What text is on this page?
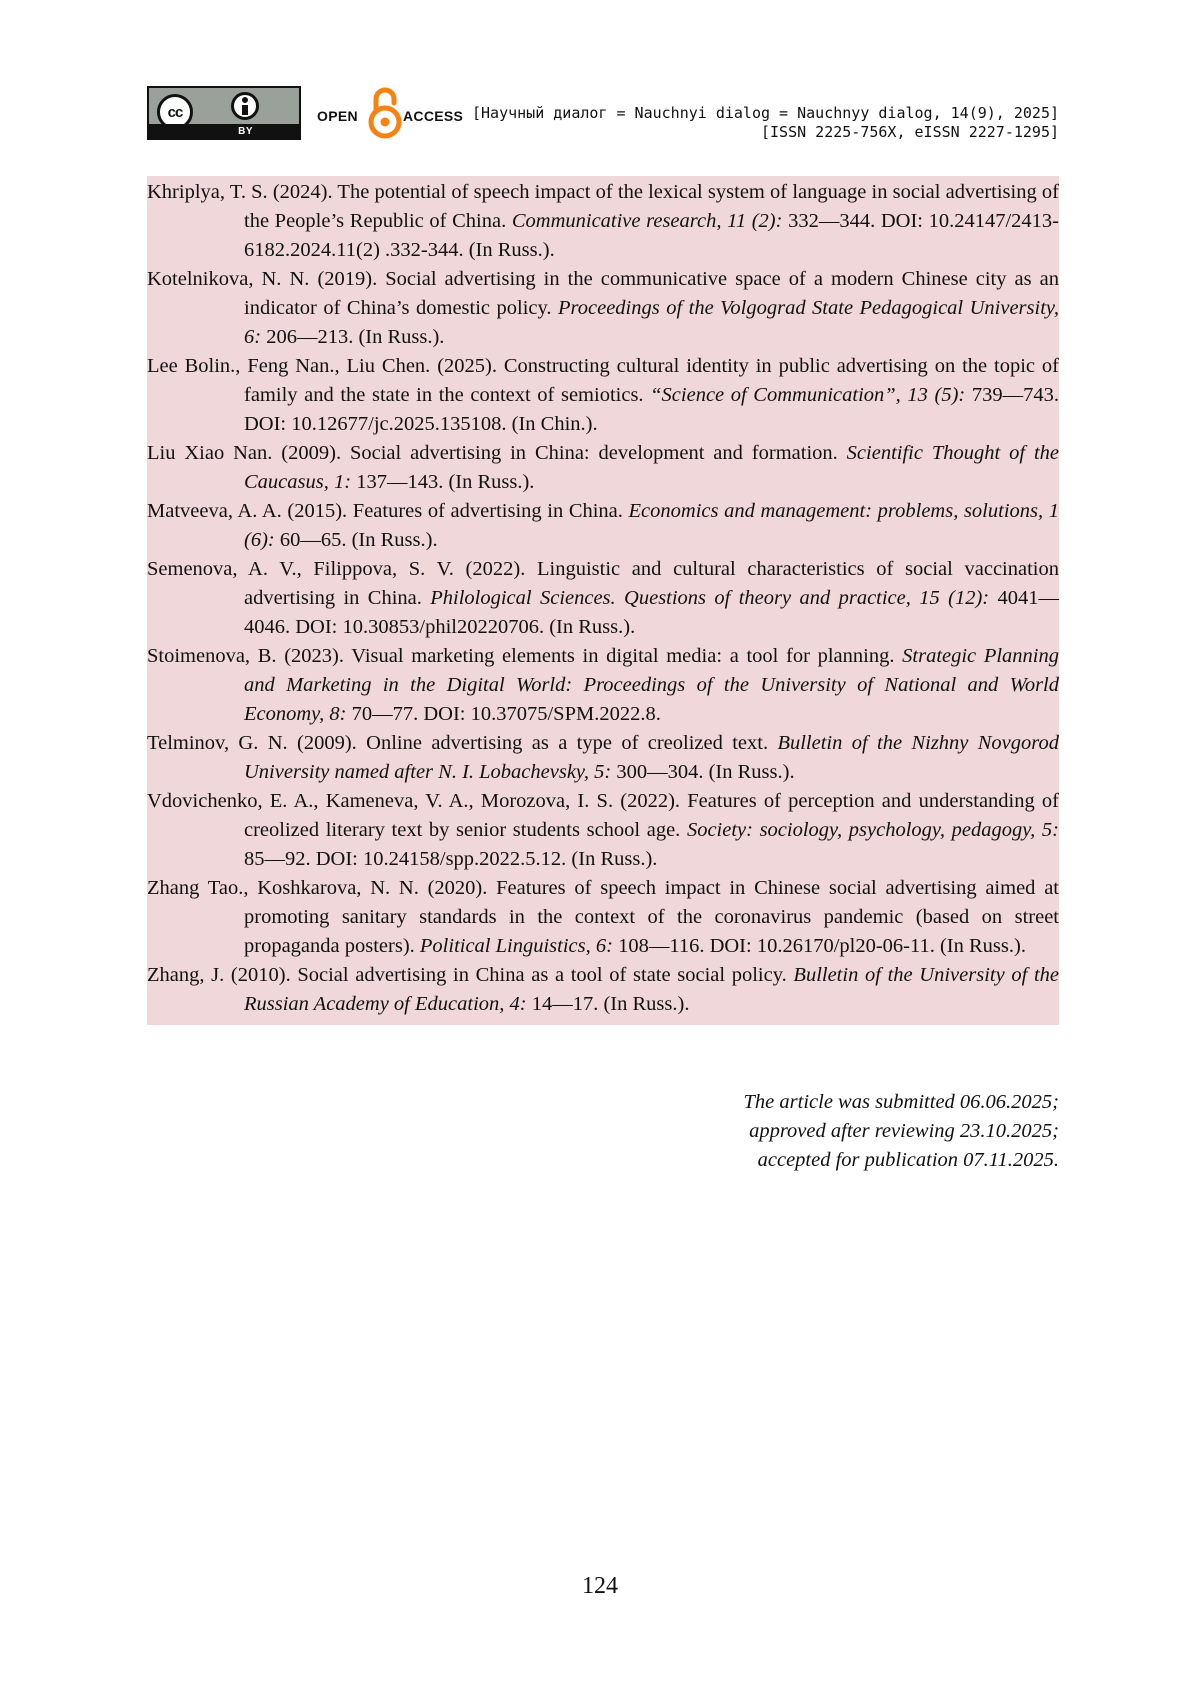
cc
BY
OPEN	ACCESS [Научный диалог = Nauchnyi dialog = Nauchnyy dialog, 14(9), 2025]
[ISSN 2225-756X, eISSN 2227-1295]

Khriplya, T. S. (2024). The potential of speech impact of the lexical system of language in social advertising of the People’s Republic of China. Communicative research, 11 (2): 332—344. DOI: 10.24147/2413-6182.2024.11(2) .332-344. (In Russ.).

Kotelnikova, N. N. (2019). Social advertising in the communicative space of a modern Chinese city as an indicator of China’s domestic policy. Proceedings of the Volgograd State Pedagogical University, 6: 206—213. (In Russ.).

Lee Bolin., Feng Nan., Liu Chen. (2025). Constructing cultural identity in public advertising on the topic of family and the state in the context of semiotics. “Science of Communication”, 13 (5): 739—743. DOI: 10.12677/jc.2025.135108. (In Chin.).

Liu Xiao Nan. (2009). Social advertising in China: development and formation. Scientific Thought of the Caucasus, 1: 137—143. (In Russ.).

Matveeva, A. A. (2015). Features of advertising in China. Economics and management: problems, solutions, 1 (6): 60—65. (In Russ.).

Semenova, A. V., Filippova, S. V. (2022). Linguistic and cultural characteristics of social vaccination advertising in China. Philological Sciences. Questions of theory and practice, 15 (12): 4041—4046. DOI: 10.30853/phil20220706. (In Russ.).

Stoimenova, B. (2023). Visual marketing elements in digital media: a tool for planning. Strategic Planning and Marketing in the Digital World: Proceedings of the University of National and World Economy, 8: 70—77. DOI: 10.37075/SPM.2022.8.

Telminov, G. N. (2009). Online advertising as a type of creolized text. Bulletin of the Nizhny Novgorod University named after N. I. Lobachevsky, 5: 300—304. (In Russ.).

Vdovichenko, E. A., Kameneva, V. A., Morozova, I. S. (2022). Features of perception and understanding of creolized literary text by senior students school age. Society: sociology, psychology, pedagogy, 5: 85—92. DOI: 10.24158/spp.2022.5.12. (In Russ.).

Zhang Tao., Koshkarova, N. N. (2020). Features of speech impact in Chinese social advertising aimed at promoting sanitary standards in the context of the coronavirus pandemic (based on street propaganda posters). Political Linguistics, 6: 108—116. DOI: 10.26170/pl20-06-11. (In Russ.).

Zhang, J. (2010). Social advertising in China as a tool of state social policy. Bulletin of the University of the Russian Academy of Education, 4: 14—17. (In Russ.).

The article was submitted 06.06.2025;
approved after reviewing 23.10.2025;
accepted for publication 07.11.2025.
124
